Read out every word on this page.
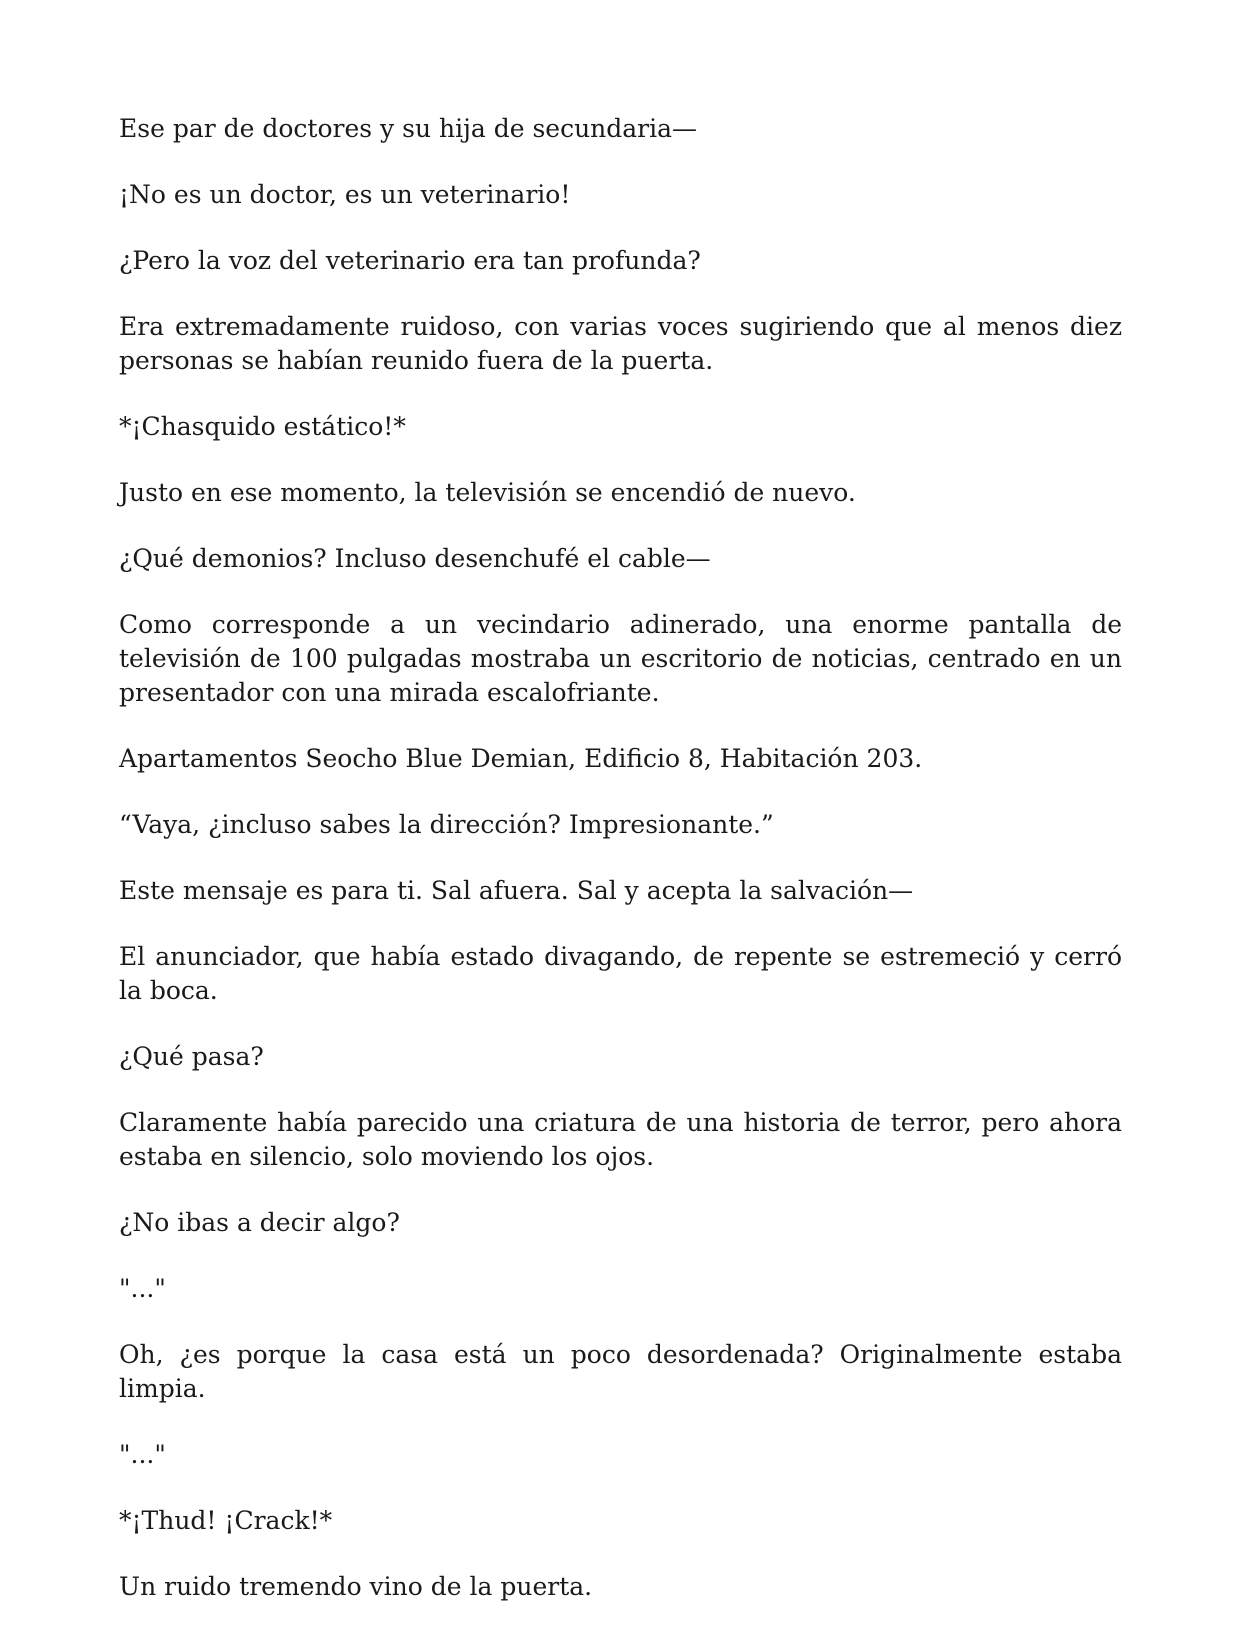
Ese par de doctores y su hija de secundaria—

¡No es un doctor, es un veterinario!

¿Pero la voz del veterinario era tan profunda?

Era extremadamente ruidoso, con varias voces sugiriendo que al menos diez personas se habían reunido fuera de la puerta.

*¡Chasquido estático!*

Justo en ese momento, la televisión se encendió de nuevo.

¿Qué demonios? Incluso desenchufé el cable—

Como corresponde a un vecindario adinerado, una enorme pantalla de televisión de 100 pulgadas mostraba un escritorio de noticias, centrado en un presentador con una mirada escalofriante.

Apartamentos Seocho Blue Demian, Edificio 8, Habitación 203.

“Vaya, ¿incluso sabes la dirección? Impresionante.”

Este mensaje es para ti. Sal afuera. Sal y acepta la salvación—

El anunciador, que había estado divagando, de repente se estremeció y cerró la boca.

¿Qué pasa?

Claramente había parecido una criatura de una historia de terror, pero ahora estaba en silencio, solo moviendo los ojos.

¿No ibas a decir algo?

"..."

Oh, ¿es porque la casa está un poco desordenada? Originalmente estaba limpia.

"..."

*¡Thud! ¡Crack!*

Un ruido tremendo vino de la puerta.
